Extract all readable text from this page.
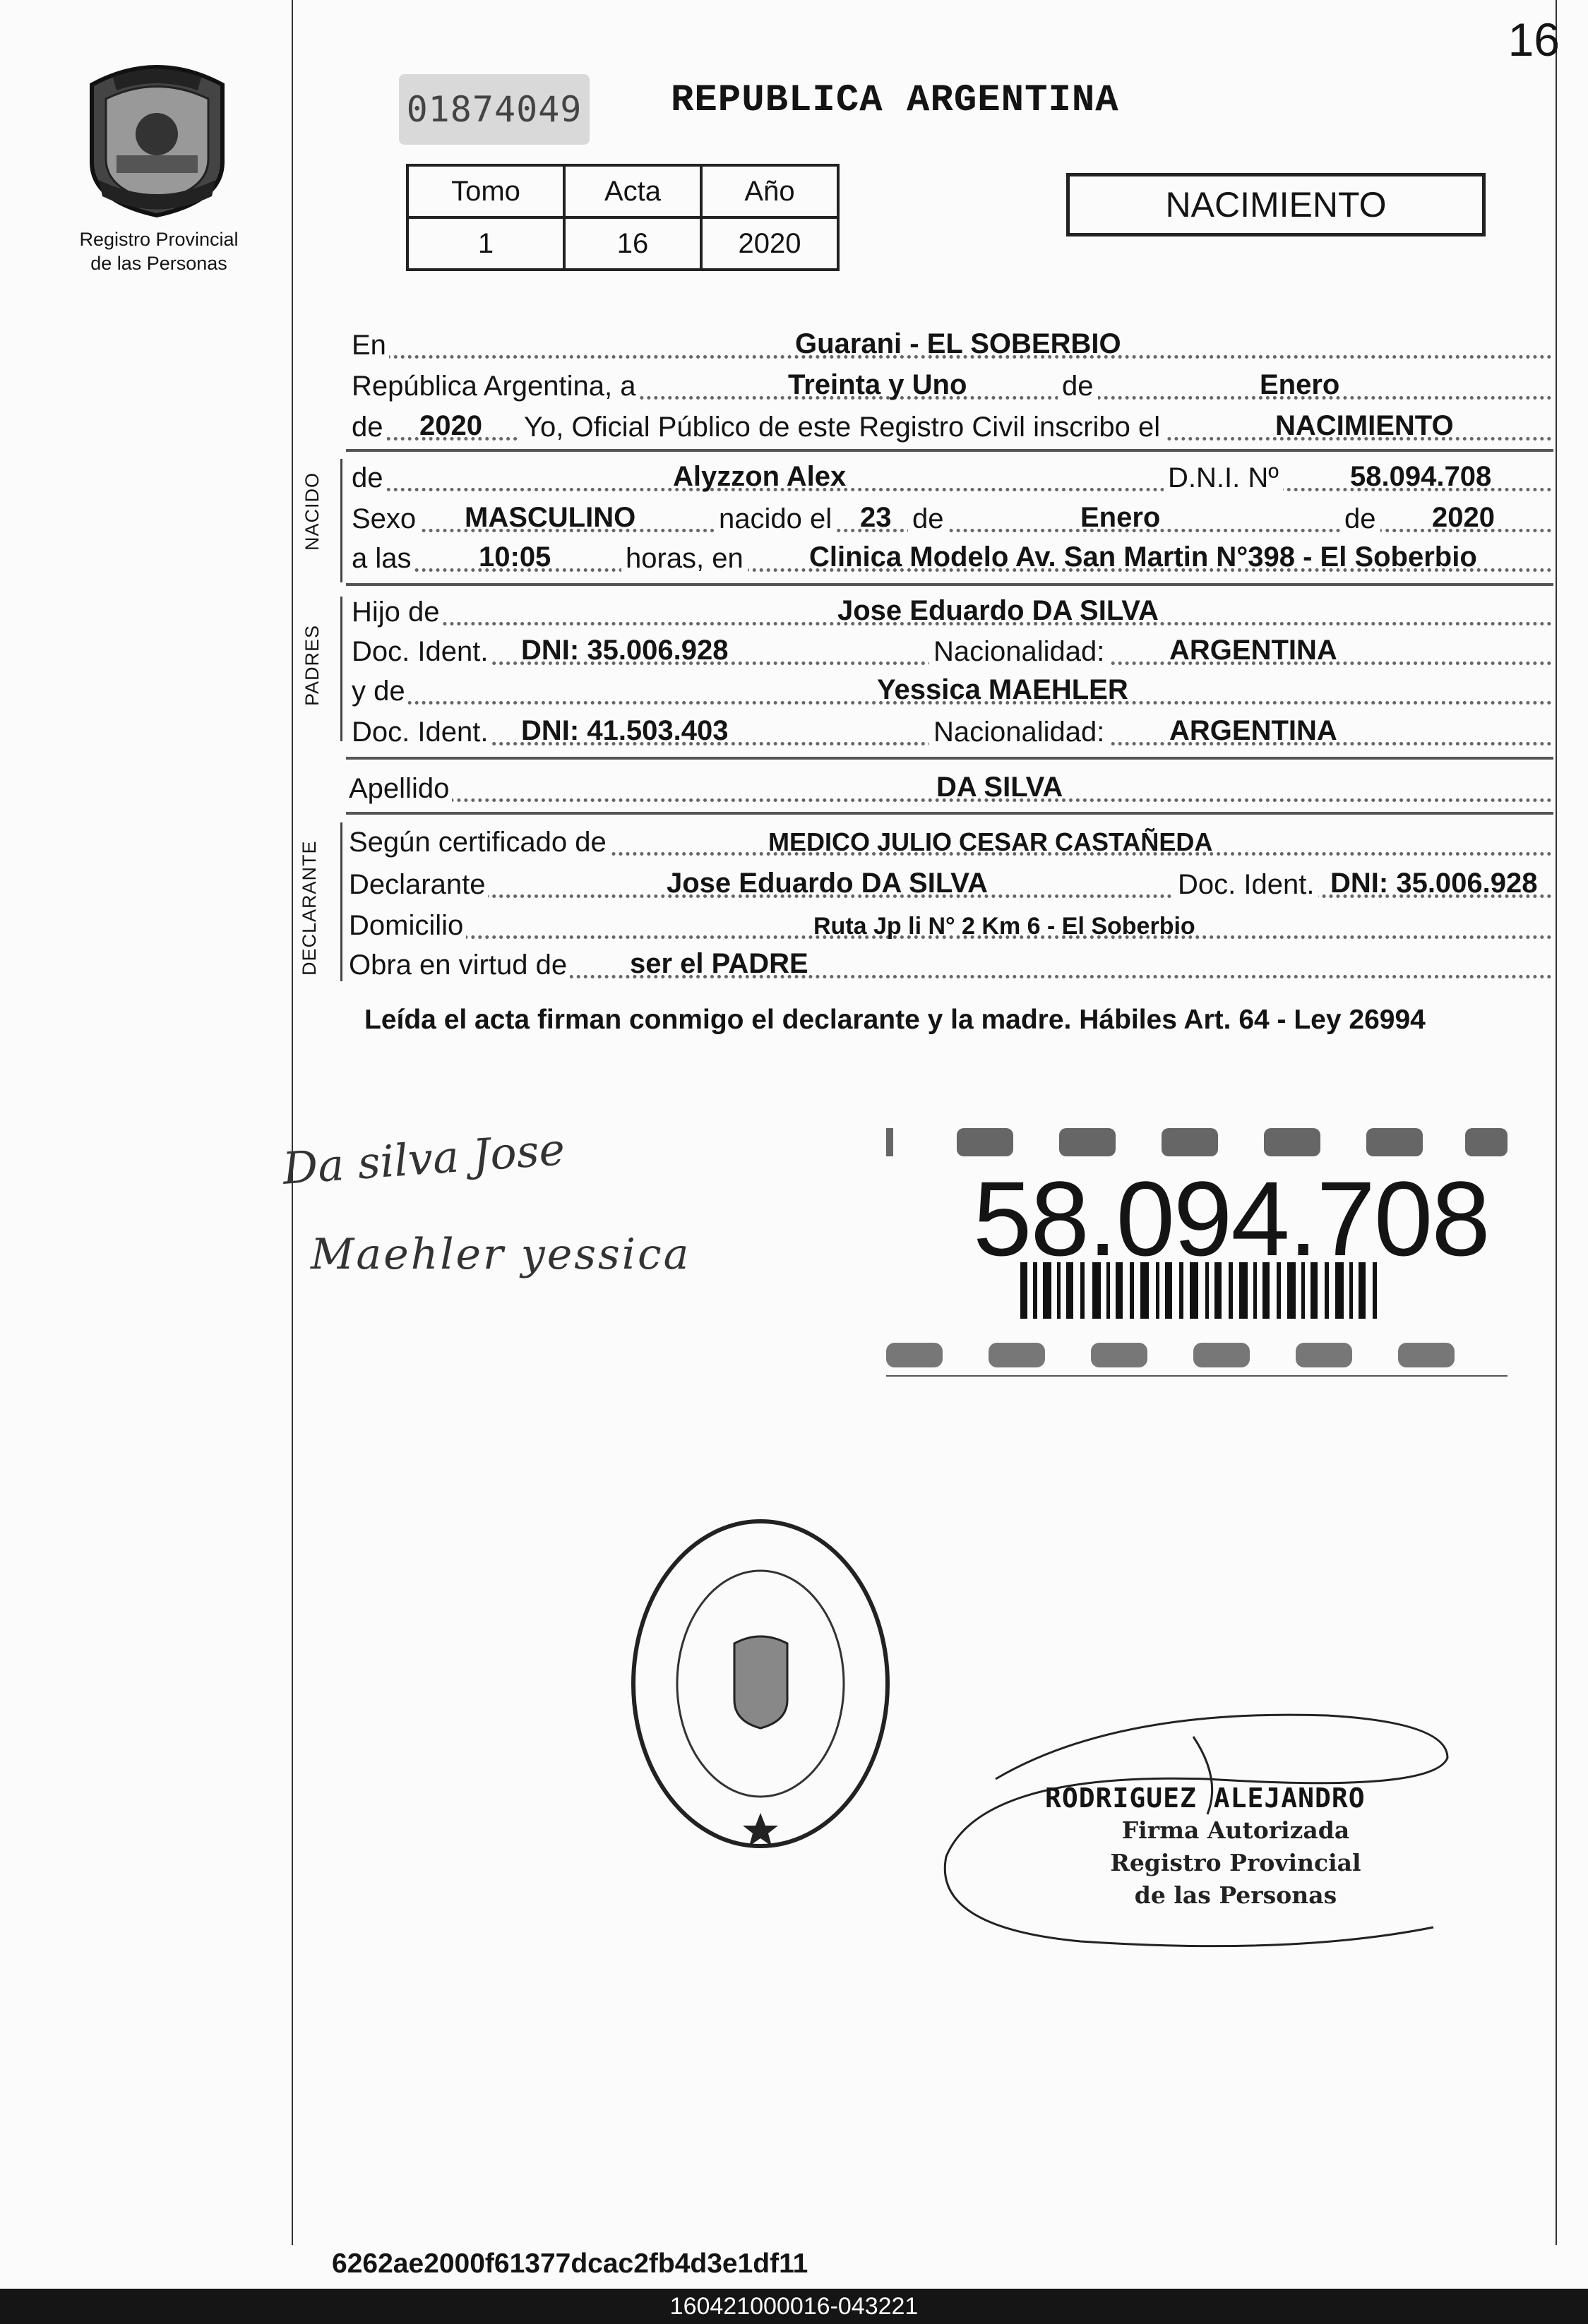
16
Registro Provincial
de las Personas
01874049 REPUBLICA ARGENTINA
Tomo	Acta	Año
1	16	2020
NACIMIENTO
En	Guarani - EL SOBERBIO
República Argentina, a	Treinta y Uno	de	Enero
de 2020 Yo, Oficial Público de este Registro Civil inscribo el	NACIMIENTO
NACIDO de	Alyzzon Alex	D.N.I. Nº	58.094.708
Sexo MASCULINO	nacido el 23 de	Enero	de 2020
a las 10:05	horas, en Clinica Modelo Av. San Martin N°398 - El Soberbio
PADRES
Hijo de	Jose Eduardo DA SILVA
Doc. Ident. DNI: 35.006.928	Nacionalidad: ARGENTINA
y de	Yessica MAEHLER
Doc. Ident. DNI: 41.503.403	Nacionalidad: ARGENTINA
Apellido	DA SILVA
DECLARANTE Según certificado de	MEDICO JULIO CESAR CASTAÑEDA
Declarante	Jose Eduardo DA SILVA	Doc. Ident. DNI: 35.006.928
Domicilio	Ruta Jp li N° 2 Km 6 - El Soberbio
Obra en virtud de ser el PADRE
Leída el acta firman conmigo el declarante y la madre. Hábiles Art. 64 - Ley 26994
Da silva Jose
Maehler yessica	58.094.708
RODRIGUEZ ALEJANDRO
Firma Autorizada
Registro Provincial
de las Personas
6262ae2000f61377dcac2fb4d3e1df11
160421000016-043221
